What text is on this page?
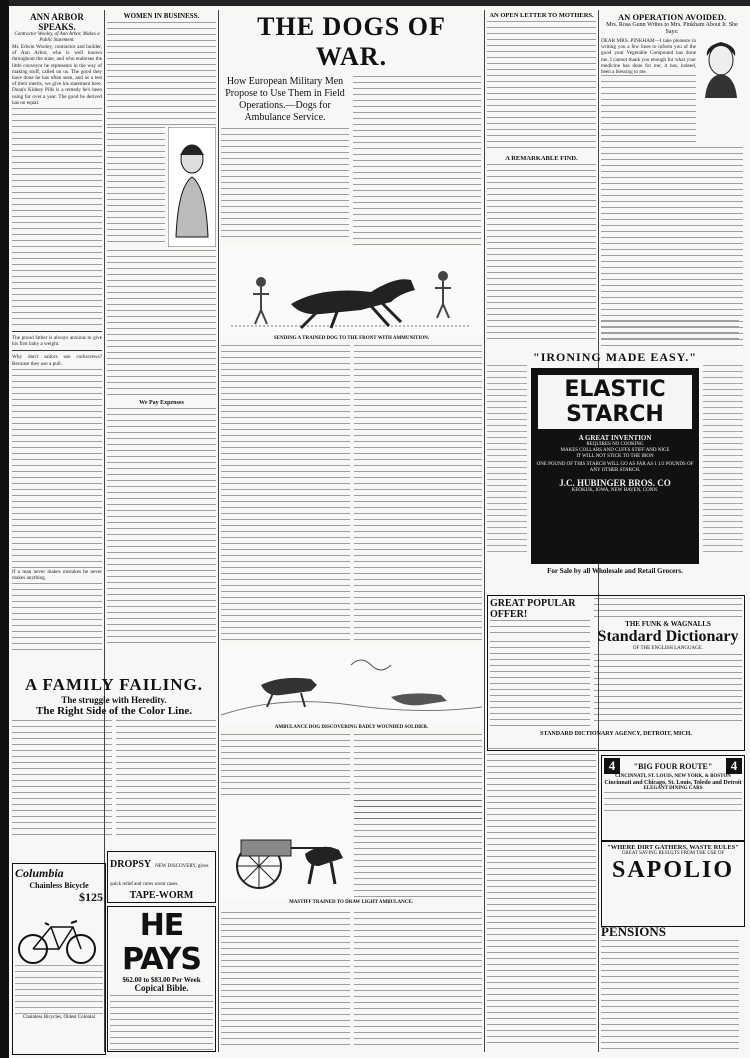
ANN ARBOR SPEAKS.
Contractor Wooley, of Ann Arbor, Makes a Public Statement.
Mr. Edwin Wooley, contractor and builder, of Ann Arbor, who is well known throughout the state, and who endorses the little conveyor he represents in the way of making stuff, called on us. The good they have done he has often seen, and as a test of their merits, we give his statement here. Doan's Kidney Pills is a remedy he's been using for over a year. The good he derived has no equal.
The proud father is always anxious to give his first baby a weight.
Why don't sailors use corkscrews? Because they use a pull.
If a man never makes mistakes he never makes anything.
A FAMILY FAILING.
The struggle with Heredity.
The Right Side of the Color Line.
Columbia
Chainless Bicycle
$125
Chainless Bicycles, Oldest Colonial
WOMEN IN BUSINESS.
We Pay Expenses
DROPSY NEW DISCOVERY, gives quick relief and cures worst cases.
TAPE-WORM
HE PAYS
$62.00 to $83.00 Per Week
Copical Bible.
THE DOGS OF WAR.
How European Military Men Propose to Use Them in Field Operations.—Dogs for Ambulance Service.
SENDING A TRAINED DOG TO THE FRONT WITH AMMUNITION.
AMBULANCE DOG DISCOVERING BADLY WOUNDED SOLDIER.
MASTIFF TRAINED TO DRAW LIGHT AMBULANCE.
AN OPEN LETTER TO MOTHERS.
A REMARKABLE FIND.
AN OPERATION AVOIDED.
Mrs. Rosa Gunn Writes to Mrs. Pinkham About It. She Says:
DEAR MRS. PINKHAM—I take pleasure in writing you a few lines to inform you of the good your Vegetable Compound has done me. I cannot thank you enough for what your medicine has done for me; it has, indeed, been a blessing to me.
"IRONING MADE EASY."
ELASTIC
STARCH
A GREAT INVENTION
REQUIRES NO COOKING
MAKES COLLARS AND CUFFS STIFF AND NICE
IT WILL NOT STICK TO THE IRON
ONE POUND OF THIS STARCH WILL GO AS FAR AS 1 1/2 POUNDS OF ANY OTHER STARCH.
J.C. HUBINGER BROS. CO
KEOKUK, IOWA, NEW HAVEN, CONN.
For Sale by all Wholesale and Retail Grocers.
GREAT POPULAR OFFER!
THE FUNK & WAGNALLS
Standard Dictionary
OF THE ENGLISH LANGUAGE.
STANDARD DICTIONARY AGENCY, DETROIT, MICH.
4	"BIG FOUR ROUTE"	4
CINCINNATI, ST. LOUIS, NEW YORK, & BOSTON
Cincinnati and Chicago, St. Louis, Toledo and Detroit
ELEGANT DINING CARS
"WHERE DIRT GATHERS, WASTE RULES"
GREAT SAVING RESULTS FROM THE USE OF
SAPOLIO
PENSIONS
